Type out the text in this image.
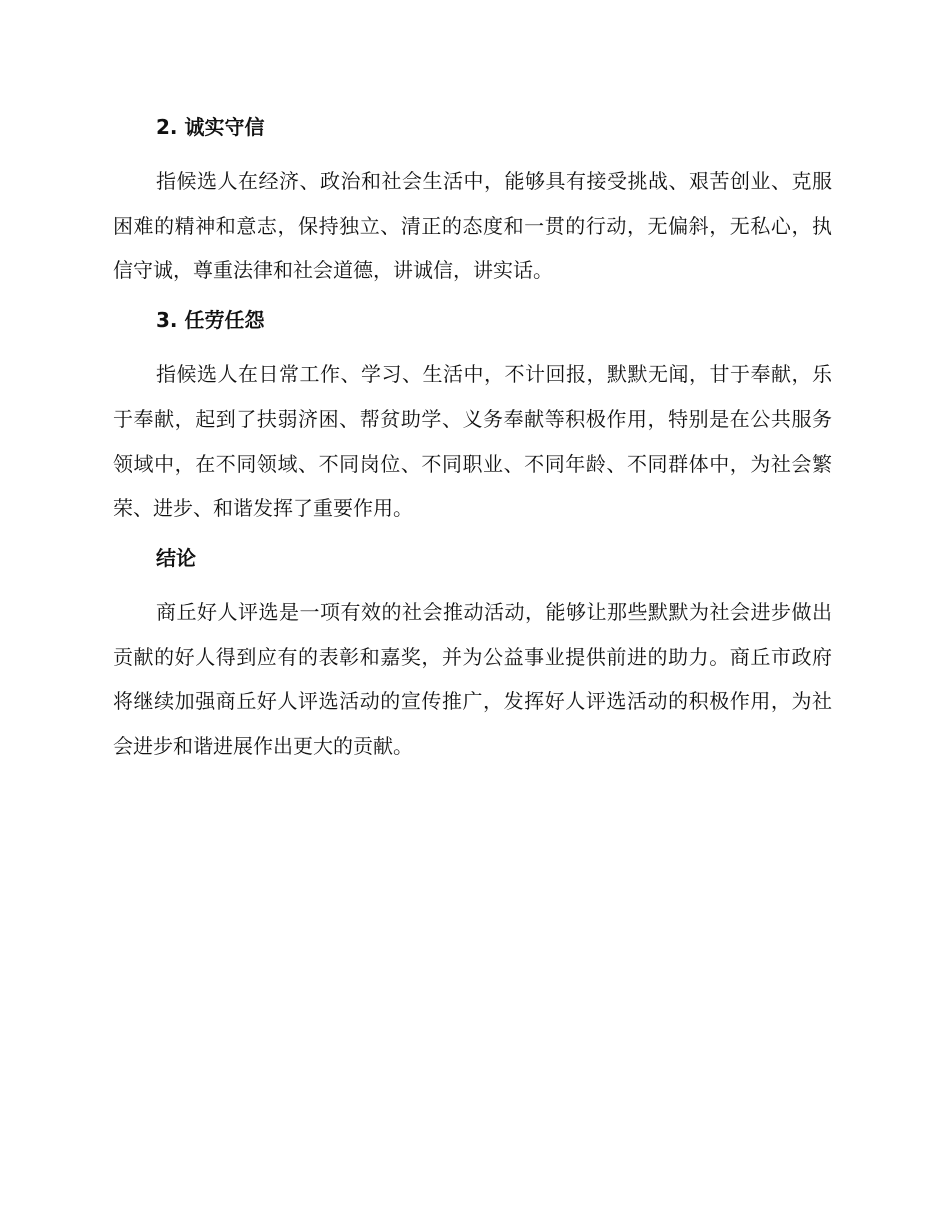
2. 诚实守信

指候选人在经济、政治和社会生活中，能够具有接受挑战、艰苦创业、克服困难的精神和意志，保持独立、清正的态度和一贯的行动，无偏斜，无私心，执信守诚，尊重法律和社会道德，讲诚信，讲实话。

3. 任劳任怨

指候选人在日常工作、学习、生活中，不计回报，默默无闻，甘于奉献，乐于奉献，起到了扶弱济困、帮贫助学、义务奉献等积极作用，特别是在公共服务领域中，在不同领域、不同岗位、不同职业、不同年龄、不同群体中，为社会繁荣、进步、和谐发挥了重要作用。

结论

商丘好人评选是一项有效的社会推动活动，能够让那些默默为社会进步做出贡献的好人得到应有的表彰和嘉奖，并为公益事业提供前进的助力。商丘市政府将继续加强商丘好人评选活动的宣传推广，发挥好人评选活动的积极作用，为社会进步和谐进展作出更大的贡献。
